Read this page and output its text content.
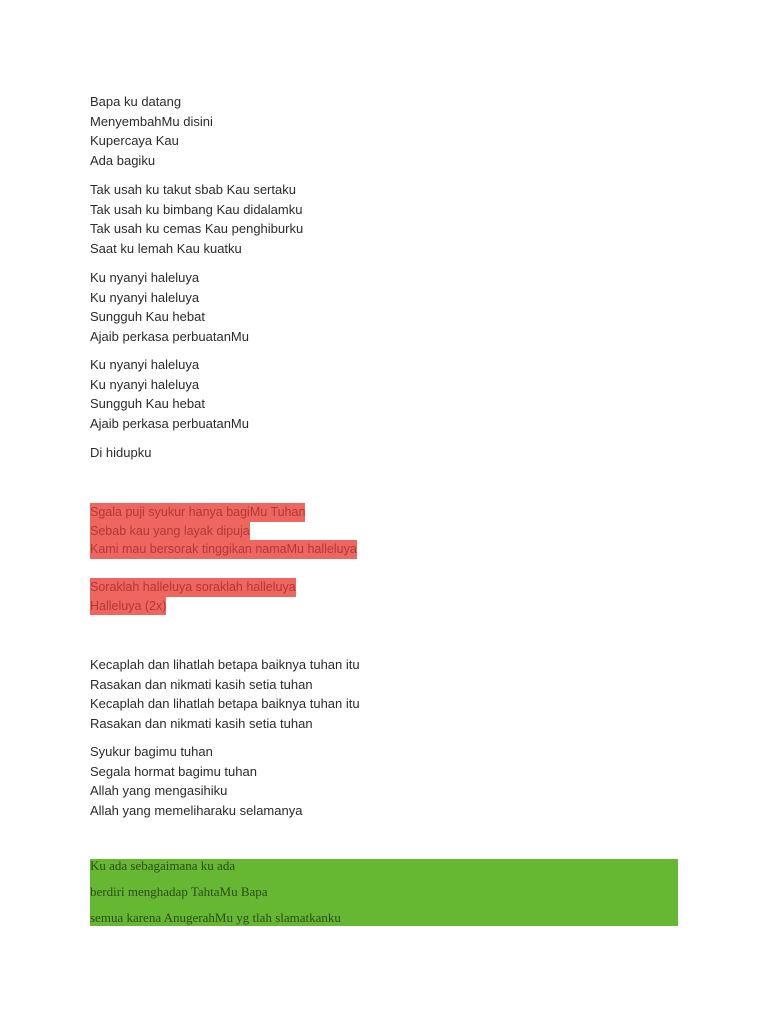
Bapa ku datang
MenyembahMu disini
Kupercaya Kau
Ada bagiku
Tak usah ku takut sbab Kau sertaku
Tak usah ku bimbang Kau didalamku
Tak usah ku cemas Kau penghiburku
Saat ku lemah Kau kuatku
Ku nyanyi haleluya
Ku nyanyi haleluya
Sungguh Kau hebat
Ajaib perkasa perbuatanMu
Ku nyanyi haleluya
Ku nyanyi haleluya
Sungguh Kau hebat
Ajaib perkasa perbuatanMu
Di hidupku
Sgala puji syukur hanya bagiMu Tuhan
Sebab kau yang layak dipuja
Kami mau bersorak tinggikan namaMu halleluya
Soraklah halleluya soraklah halleluya
Halleluya (2x)
Kecaplah dan lihatlah betapa baiknya tuhan itu
Rasakan dan nikmati kasih setia tuhan
Kecaplah dan lihatlah betapa baiknya tuhan itu
Rasakan dan nikmati kasih setia tuhan
Syukur bagimu tuhan
Segala hormat bagimu tuhan
Allah yang mengasihiku
Allah yang memeliharaku selamanya
Ku ada sebagaimana ku ada
berdiri menghadap TahtaMu Bapa
semua karena AnugerahMu yg tlah slamatkanku
